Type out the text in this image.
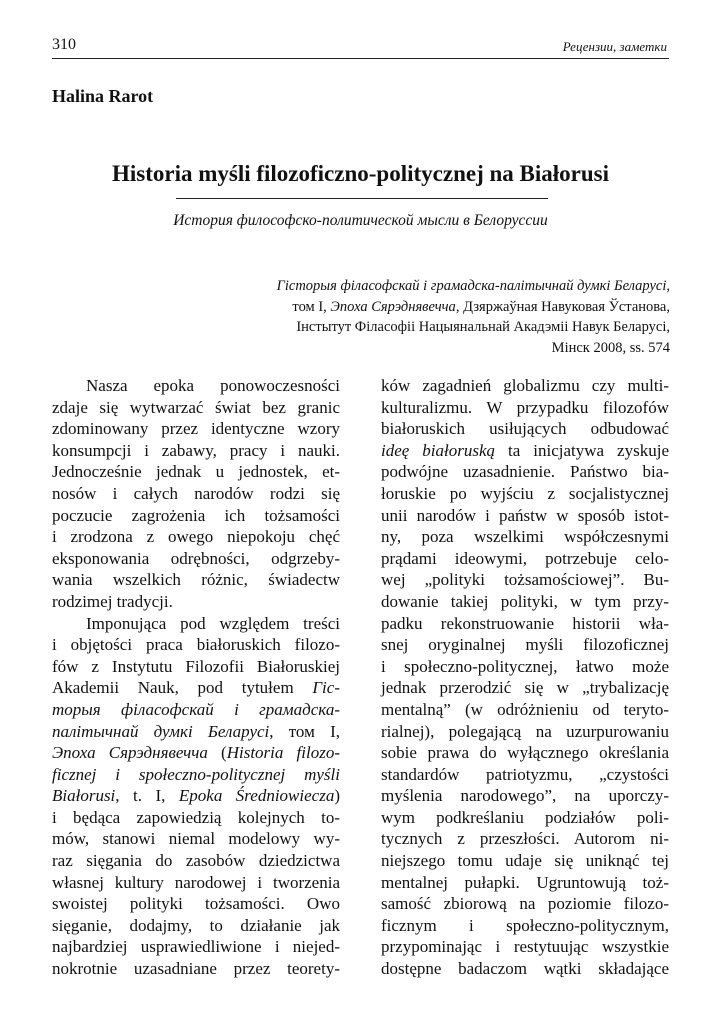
310	Рецензии, заметки
Halina Rarot
Historia myśli filozoficzno-politycznej na Białorusi
История философско-политической мысли в Белоруссии
Гісторыя філасофскай і грамадска-палітычнай думкі Беларусі,
том I, Эпоха Сярэднявечча, Дзяржаўная Навуковая Ўстанова,
Інстытут Філасофіі Нацыянальнай Акадэміі Навук Беларусі,
Мінск 2008, ss. 574

Nasza epoka ponowoczesności
zdaje się wytwarzać świat bez granic
zdominowany przez identyczne wzory
konsumpcji i zabawy, pracy i nauki.
Jednocześnie jednak u jednostek, et-
nosów i całych narodów rodzi się
poczucie zagrożenia ich tożsamości
i zrodzona z owego niepokoju chęć
eksponowania odrębności, odgrzeby-
wania wszelkich różnic, świadectw
rodzimej tradycji.

Imponująca pod względem treści
i objętości praca białoruskich filozo-
fów z Instytutu Filozofii Białoruskiej
Akademii Nauk, pod tytułem Гіс-
торыя філасофскай і грамадска-
палітычнай думкі Беларусі, том I,
Эпоха Сярэднявечча (Historia filozo-
ficznej i społeczno-politycznej myśli
Białorusi, t. I, Epoka Średniowiecza)
i będąca zapowiedzią kolejnych to-
mów, stanowi niemal modelowy wy-
raz sięgania do zasobów dziedzictwa
własnej kultury narodowej i tworzenia
swoistej polityki tożsamości. Owo
sięganie, dodajmy, to działanie jak
najbardziej usprawiedliwione i niejed-
nokrotnie uzasadniane przez teorety-

ków zagadnień globalizmu czy multi-
kulturalizmu. W przypadku filozofów
białoruskich usiłujących odbudować
ideę białoruską ta inicjatywa zyskuje
podwójne uzasadnienie. Państwo bia-
łoruskie po wyjściu z socjalistycznej
unii narodów i państw w sposób istot-
ny, poza wszelkimi współczesnymi
prądami ideowymi, potrzebuje celo-
wej „polityki tożsamościowej”. Bu-
dowanie takiej polityki, w tym przy-
padku rekonstruowanie historii wła-
snej oryginalnej myśli filozoficznej
i społeczno-politycznej, łatwo może
jednak przerodzić się w „trybalizację
mentalną” (w odróżnieniu od teryto-
rialnej), polegającą na uzurpurowaniu
sobie prawa do wyłącznego określania
standardów patriotyzmu, „czystości
myślenia narodowego”, na uporczy-
wym podkreślaniu podziałów poli-
tycznych z przeszłości. Autorom ni-
niejszego tomu udaje się uniknąć tej
mentalnej pułapki. Ugruntowują toż-
samość zbiorową na poziomie filozo-
ficznym i społeczno-politycznym,
przypominając i restytuując wszystkie
dostępne badaczom wątki składające
